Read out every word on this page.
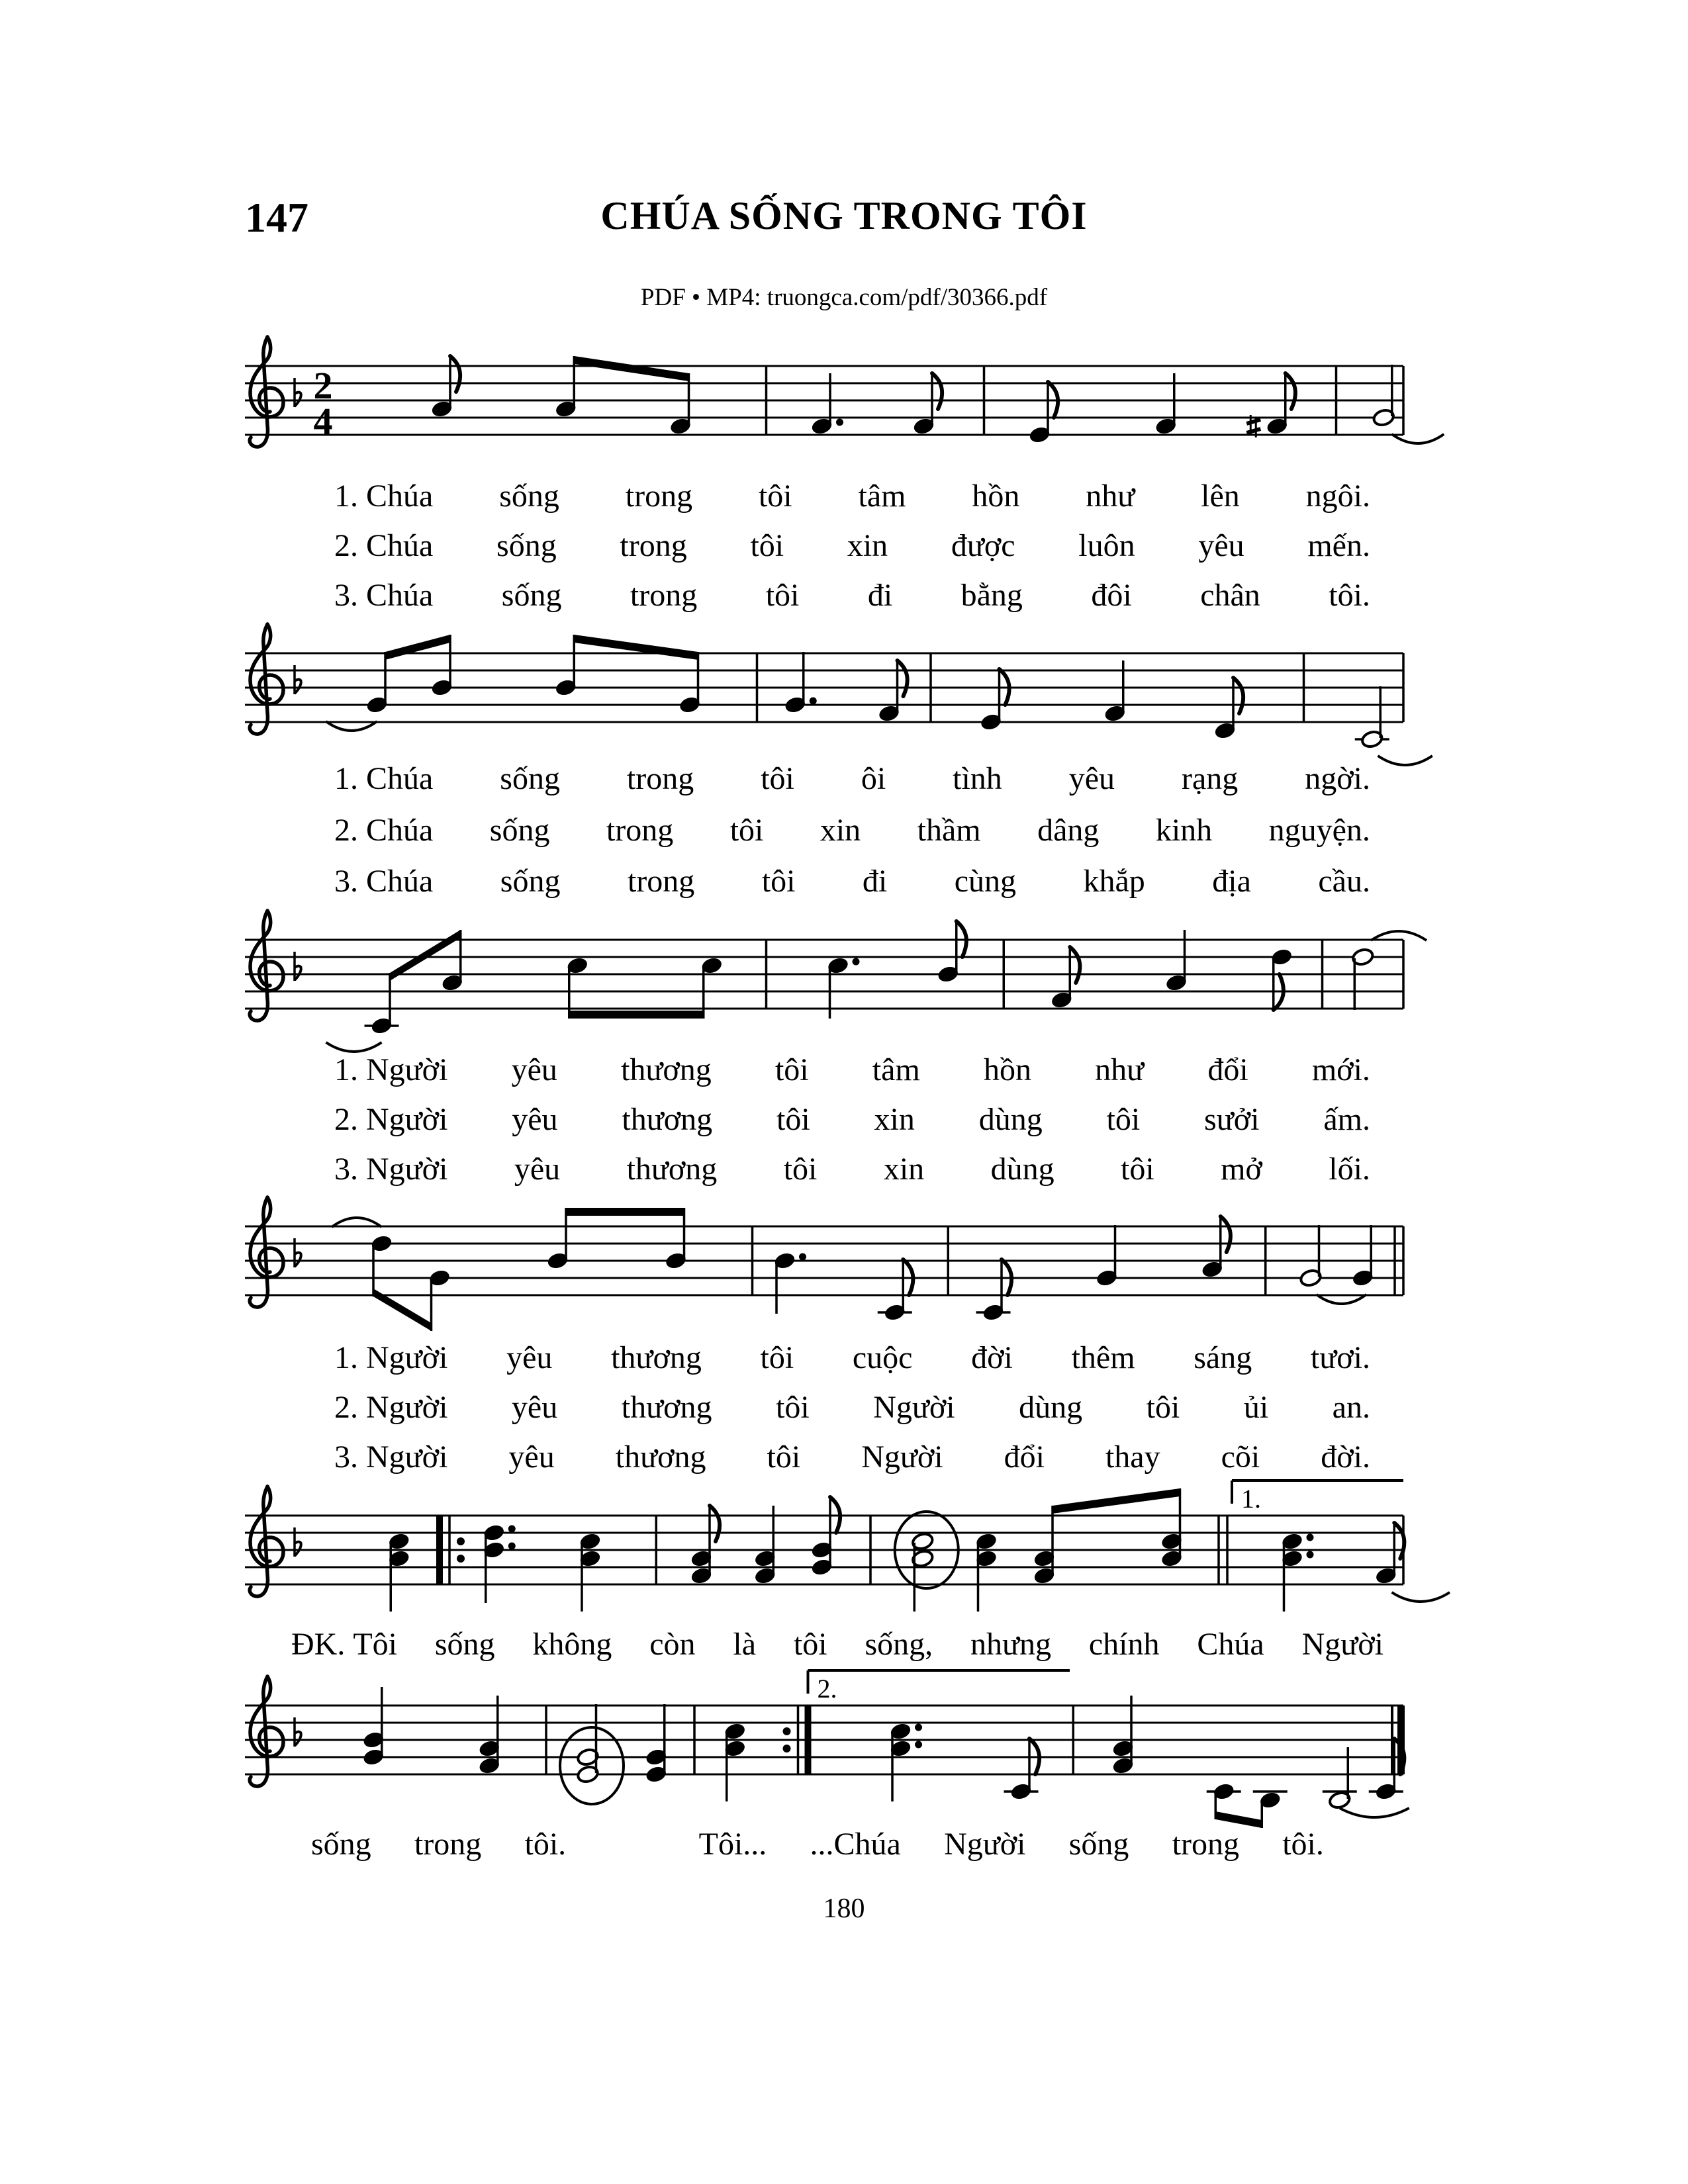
147	CHÚA SỐNG TRONG TÔI
PDF • MP4: truongca.com/pdf/30366.pdf
2
4
1.
2.
1. Chúa sống trong tôi tâm hồn như lên ngôi.
2. Chúa sống trong tôi xin được luôn yêu mến.
3. Chúa sống trong tôi đi bằng đôi chân tôi.
1. Chúa sống trong tôi ôi tình yêu rạng ngời.
2. Chúa sống trong tôi xin thầm dâng kinh nguyện.
3. Chúa sống trong tôi đi cùng khắp địa cầu.
1. Người yêu thương tôi tâm hồn như đổi mới.
2. Người yêu thương tôi xin dùng tôi sưởi ấm.
3. Người yêu thương tôi xin dùng tôi mở lối.
1. Người yêu thương tôi cuộc đời thêm sáng tươi.
2. Người yêu thương tôi Người dùng tôi ủi an.
3. Người yêu thương tôi Người đổi thay cõi đời.
ĐK. Tôi sống không còn là tôi sống, nhưng chính Chúa Người
sống trong tôi.	Tôi... ...Chúa Người sống trong tôi.
180
